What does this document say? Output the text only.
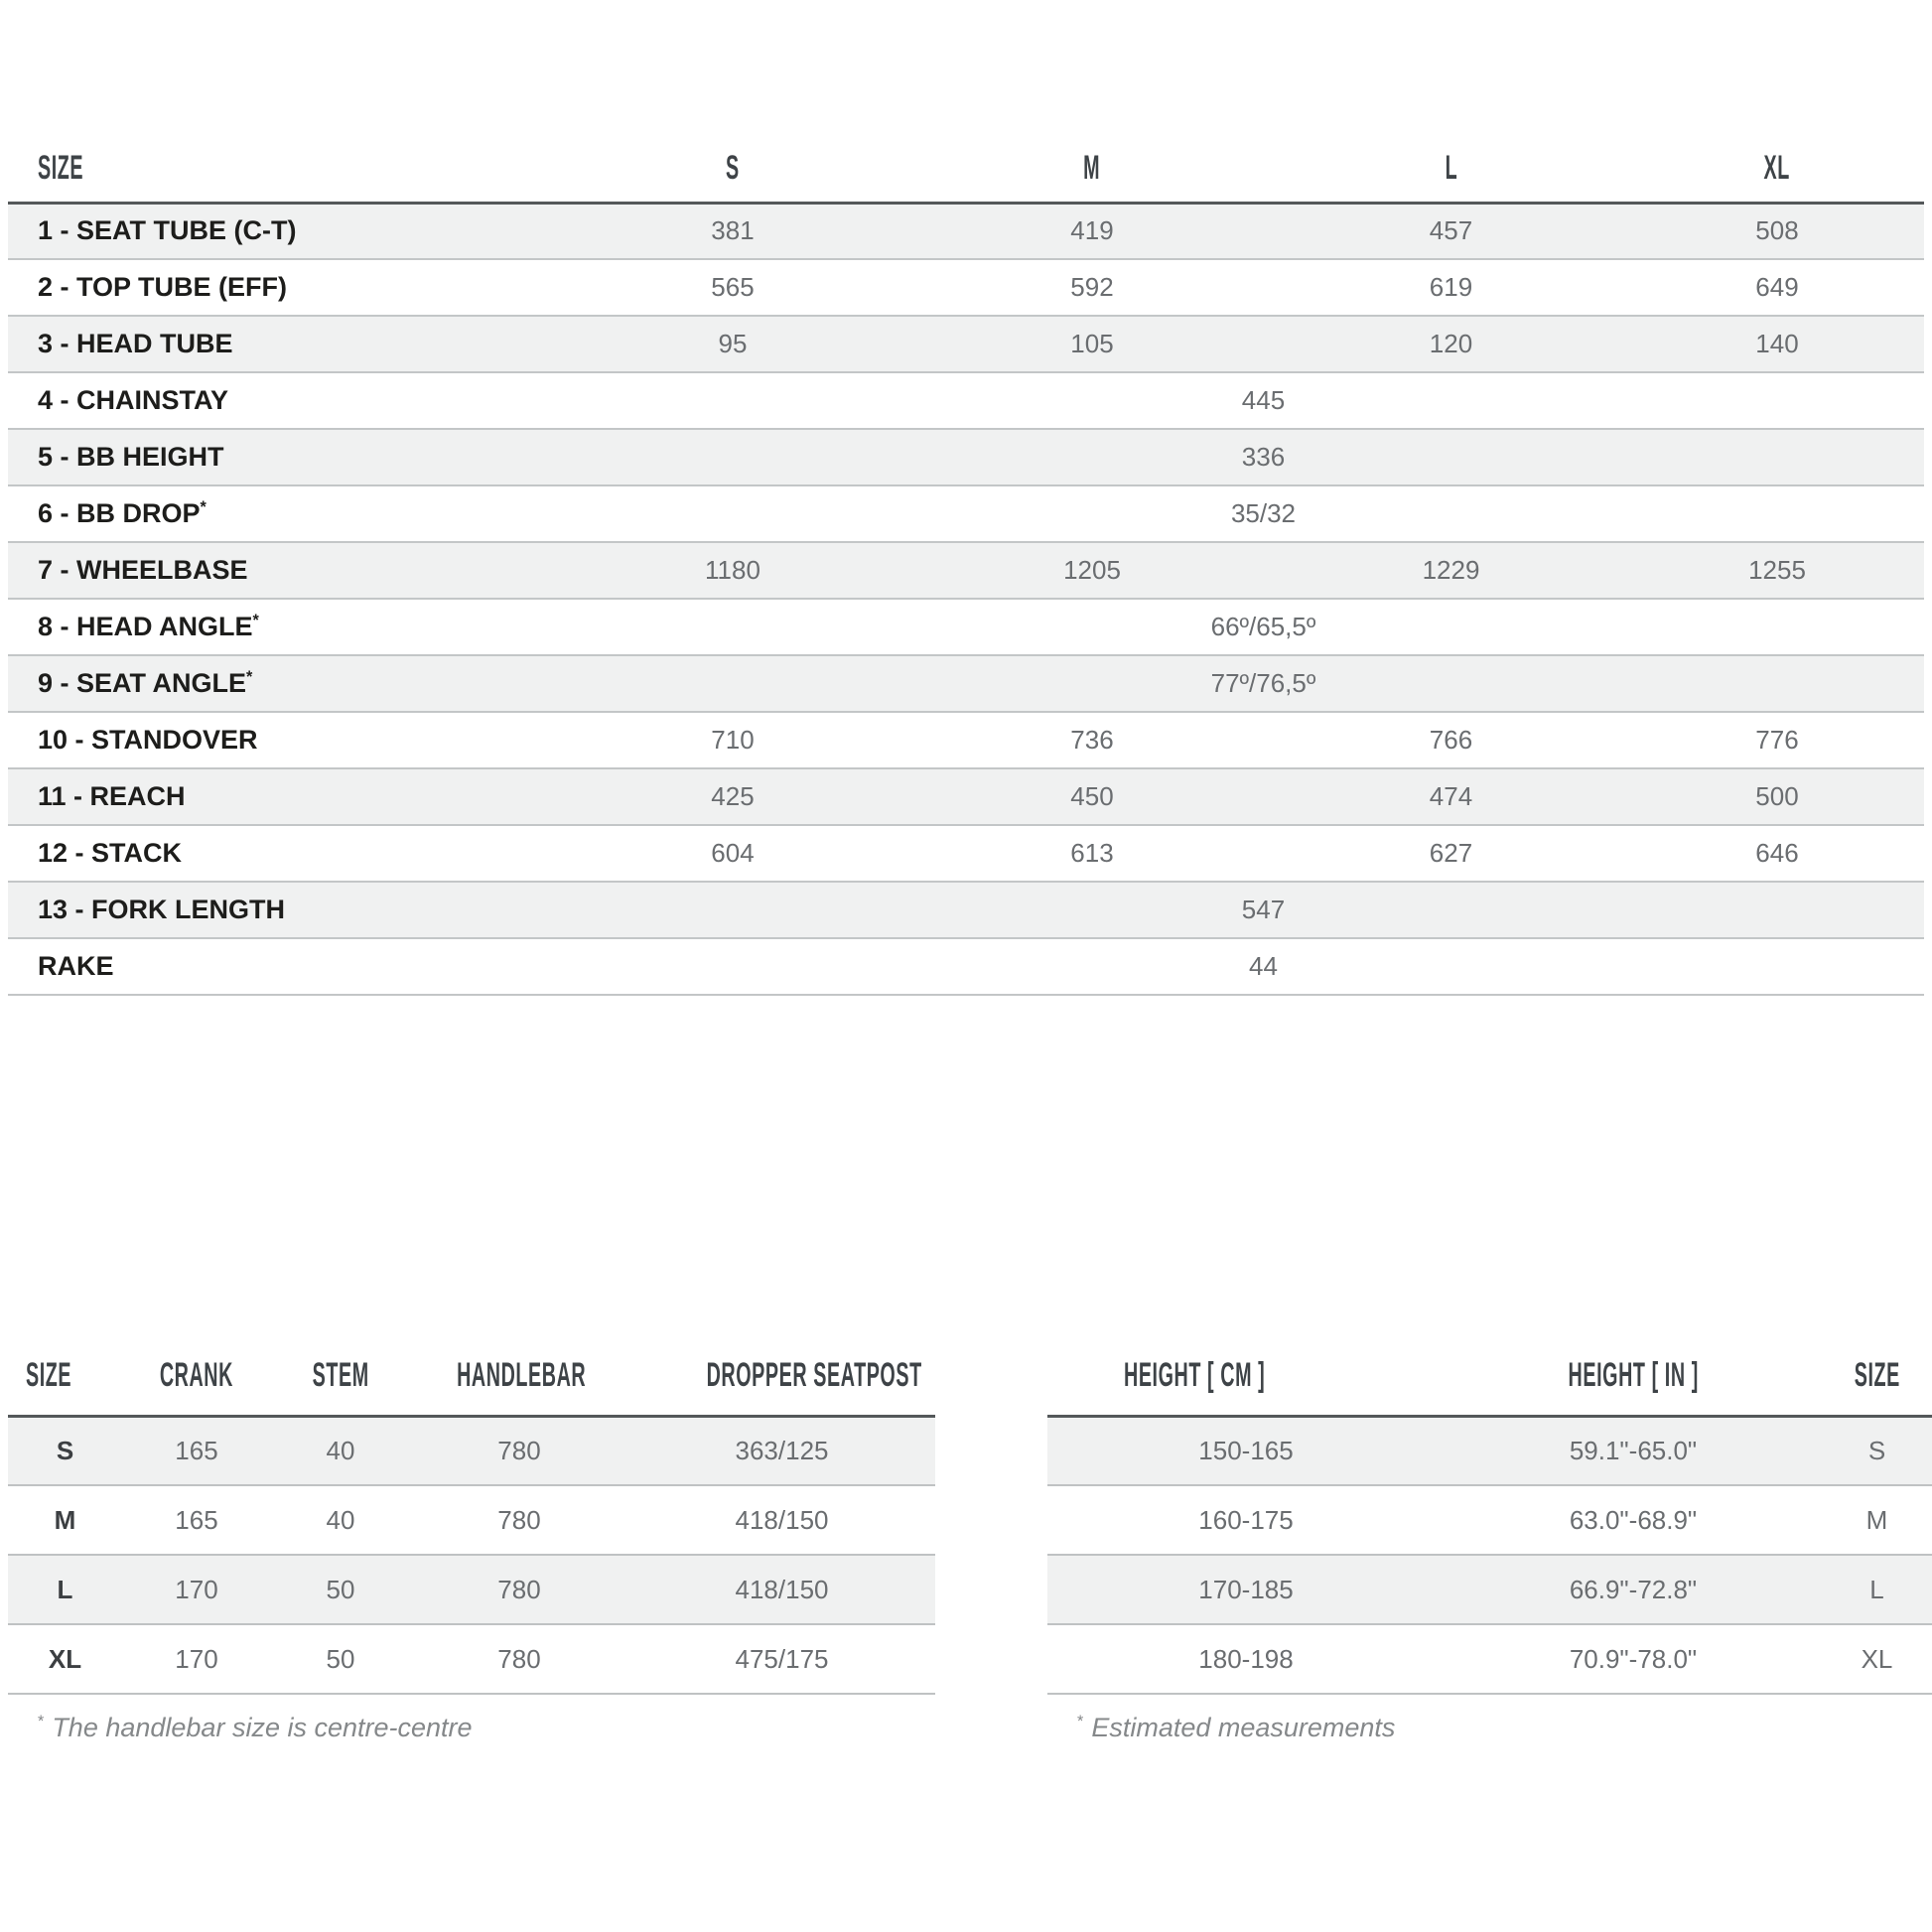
SIZE	S	M	L	XL
1 - SEAT TUBE (C-T)	381	419	457	508
2 - TOP TUBE (EFF)	565	592	619	649
3 - HEAD TUBE	95	105	120	140
4 - CHAINSTAY	445			
5 - BB HEIGHT	336			
6 - BB DROP*	35/32			
7 - WHEELBASE	1180	1205	1229	1255
8 - HEAD ANGLE*	66º/65,5º			
9 - SEAT ANGLE*	77º/76,5º			
10 - STANDOVER	710	736	766	776
11 - REACH	425	450	474	500
12 - STACK	604	613	627	646
13 - FORK LENGTH	547			
RAKE	44			
SIZE	CRANK	STEM	HANDLEBAR	DROPPER SEATPOST
S	165	40	780	363/125
M	165	40	780	418/150
L	170	50	780	418/150
XL	170	50	780	475/175
* The handlebar size is centre-centre
HEIGHT [ CM ]	HEIGHT [ IN ]	SIZE
150-165	59.1"-65.0"	S
160-175	63.0"-68.9"	M
170-185	66.9"-72.8"	L
180-198	70.9"-78.0"	XL
* Estimated measurements
